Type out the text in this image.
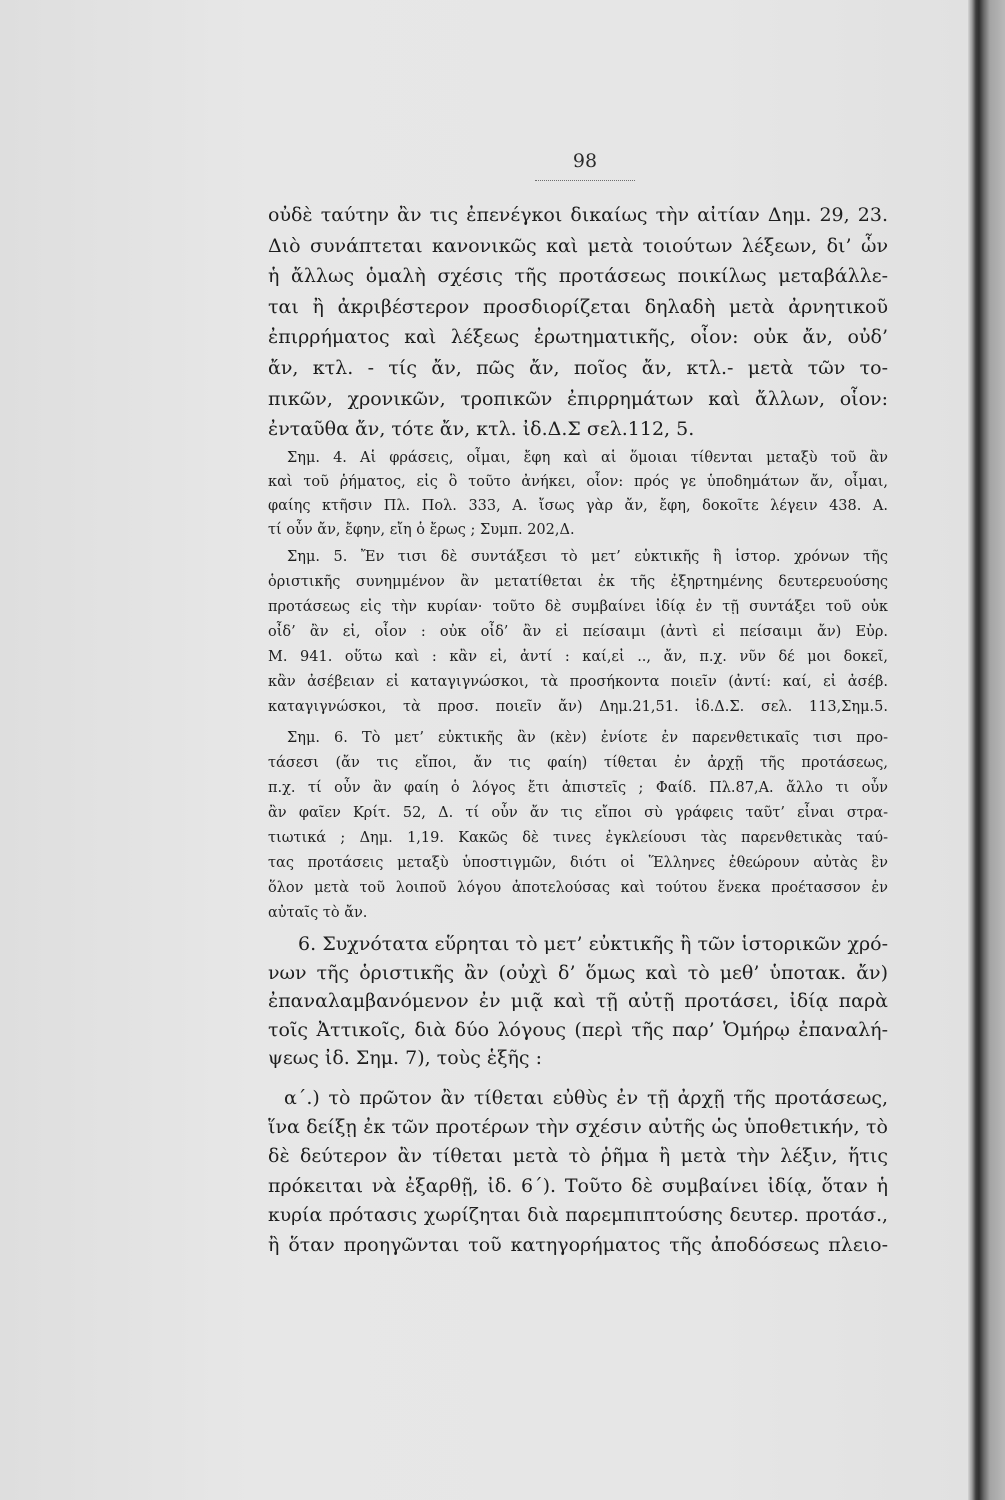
98
οὐδὲ ταύτην ἂν τις ἐπενέγκοι δικαίως τὴν αἰτίαν Δημ. 29, 23.
Διὸ συνάπτεται κανονικῶς καὶ μετὰ τοιούτων λέξεων, δι’ ὧν
ἡ ἄλλως ὁμαλὴ σχέσις τῆς προτάσεως ποικίλως μεταβάλλε-
ται ἢ ἀκριβέστερον προσδιορίζεται δηλαδὴ μετὰ ἀρνητικοῦ
ἐπιρρήματος καὶ λέξεως ἐρωτηματικῆς, οἷον: οὐκ ἄν, οὐδ’
ἄν, κτλ. - τίς ἄν, πῶς ἄν, ποῖος ἄν, κτλ.- μετὰ τῶν το-
πικῶν, χρονικῶν, τροπικῶν ἐπιρρημάτων καὶ ἄλλων, οἷον:
ἐνταῦθα ἄν, τότε ἄν, κτλ. ἰδ.Δ.Σ σελ.112, 5.
Σημ. 4. Αἱ φράσεις, οἶμαι, ἔφη καὶ αἱ ὅμοιαι τίθενται μεταξὺ τοῦ ἂν
καὶ τοῦ ῥήματος, εἰς ὃ τοῦτο ἀνήκει, οἷον: πρός γε ὑποδημάτων ἄν, οἶμαι,
φαίης κτῆσιν Πλ. Πολ. 333, Α. ἴσως γὰρ ἄν, ἔφη, δοκοῖτε λέγειν 438. Α.
τί οὖν ἄν, ἔφην, εἴη ὁ ἔρως ; Συμπ. 202,Δ.
Σημ. 5. Ἔν τισι δὲ συντάξεσι τὸ μετ’ εὐκτικῆς ἢ ἱστορ. χρόνων τῆς
ὁριστικῆς συνημμένον ἂν μετατίθεται ἐκ τῆς ἐξηρτημένης δευτερευούσης
προτάσεως εἰς τὴν κυρίαν· τοῦτο δὲ συμβαίνει ἰδίᾳ ἐν τῇ συντάξει τοῦ οὐκ
οἶδ’ ἂν εἰ, οἷον : οὐκ οἶδ’ ἂν εἰ πείσαιμι (ἀντὶ εἰ πείσαιμι ἄν) Εὐρ.
Μ. 941. οὕτω καὶ : κἂν εἰ, ἀντί : καί,εἰ .., ἄν, π.χ. νῦν δέ μοι δοκεῖ,
κἂν ἀσέβειαν εἰ καταγιγνώσκοι, τὰ προσήκοντα ποιεῖν (ἀντί: καί, εἰ ἀσέβ.
καταγιγνώσκοι, τὰ προσ. ποιεῖν ἄν) Δημ.21,51. ἰδ.Δ.Σ. σελ. 113,Σημ.5.
Σημ. 6. Τὸ μετ’ εὐκτικῆς ἂν (κὲν) ἐνίοτε ἐν παρενθετικαῖς τισι προ-
τάσεσι (ἄν τις εἴποι, ἄν τις φαίη) τίθεται ἐν ἀρχῇ τῆς προτάσεως,
π.χ. τί οὖν ἂν φαίη ὁ λόγος ἔτι ἀπιστεῖς ; Φαίδ. Πλ.87,Α. ἄλλο τι οὖν
ἂν φαῖεν Κρίτ. 52, Δ. τί οὖν ἄν τις εἴποι σὺ γράφεις ταῦτ’ εἶναι στρα-
τιωτικά ; Δημ. 1,19. Κακῶς δὲ τινες ἐγκλείουσι τὰς παρενθετικὰς ταύ-
τας προτάσεις μεταξὺ ὑποστιγμῶν, διότι οἱ Ἕλληνες ἐθεώρουν αὐτὰς ἓν
ὅλον μετὰ τοῦ λοιποῦ λόγου ἀποτελούσας καὶ τούτου ἕνεκα προέτασσον ἐν
αὐταῖς τὸ ἄν.
6. Συχνότατα εὕρηται τὸ μετ’ εὐκτικῆς ἢ τῶν ἱστορικῶν χρό-
νων τῆς ὁριστικῆς ἂν (οὐχὶ δ’ ὅμως καὶ τὸ μεθ’ ὑποτακ. ἄν)
ἐπαναλαμβανόμενον ἐν μιᾷ καὶ τῇ αὐτῇ προτάσει, ἰδίᾳ παρὰ
τοῖς Ἀττικοῖς, διὰ δύο λόγους (περὶ τῆς παρ’ Ὁμήρῳ ἐπαναλή-
ψεως ἰδ. Σημ. 7), τοὺς ἑξῆς :
α΄.) τὸ πρῶτον ἂν τίθεται εὐθὺς ἐν τῇ ἀρχῇ τῆς προτάσεως,
ἵνα δείξῃ ἐκ τῶν προτέρων τὴν σχέσιν αὐτῆς ὡς ὑποθετικήν, τὸ
δὲ δεύτερον ἂν τίθεται μετὰ τὸ ῥῆμα ἢ μετὰ τὴν λέξιν, ἥτις
πρόκειται νὰ ἐξαρθῇ, ἰδ. 6΄). Τοῦτο δὲ συμβαίνει ἰδίᾳ, ὅταν ἡ
κυρία πρότασις χωρίζηται διὰ παρεμπιπτούσης δευτερ. προτάσ.,
ἢ ὅταν προηγῶνται τοῦ κατηγορήματος τῆς ἀποδόσεως πλειο-
